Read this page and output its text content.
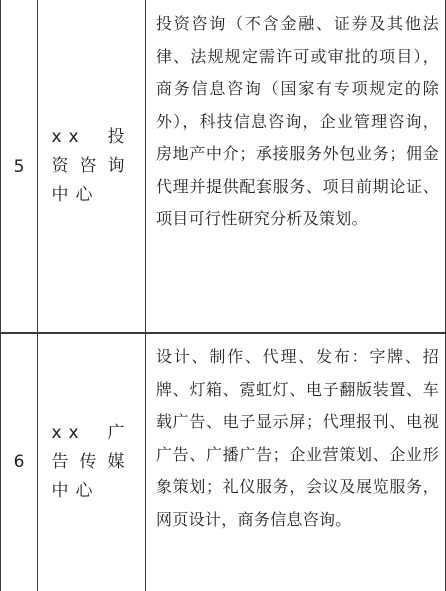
5
xx投资咨询中心

投资咨询（不含金融、证券及其他法律、法规规定需许可或审批的项目），商务信息咨询（国家有专项规定的除外），科技信息咨询，企业管理咨询，房地产中介；承接服务外包业务；佣金代理并提供配套服务、项目前期论证、项目可行性研究分析及策划。

6
xx广告传媒中心

设计、制作、代理、发布：字牌、招牌、灯箱、霓虹灯、电子翻版装置、车载广告、电子显示屏；代理报刊、电视广告、广播广告；企业营策划、企业形象策划；礼仪服务，会议及展览服务，网页设计，商务信息咨询。
